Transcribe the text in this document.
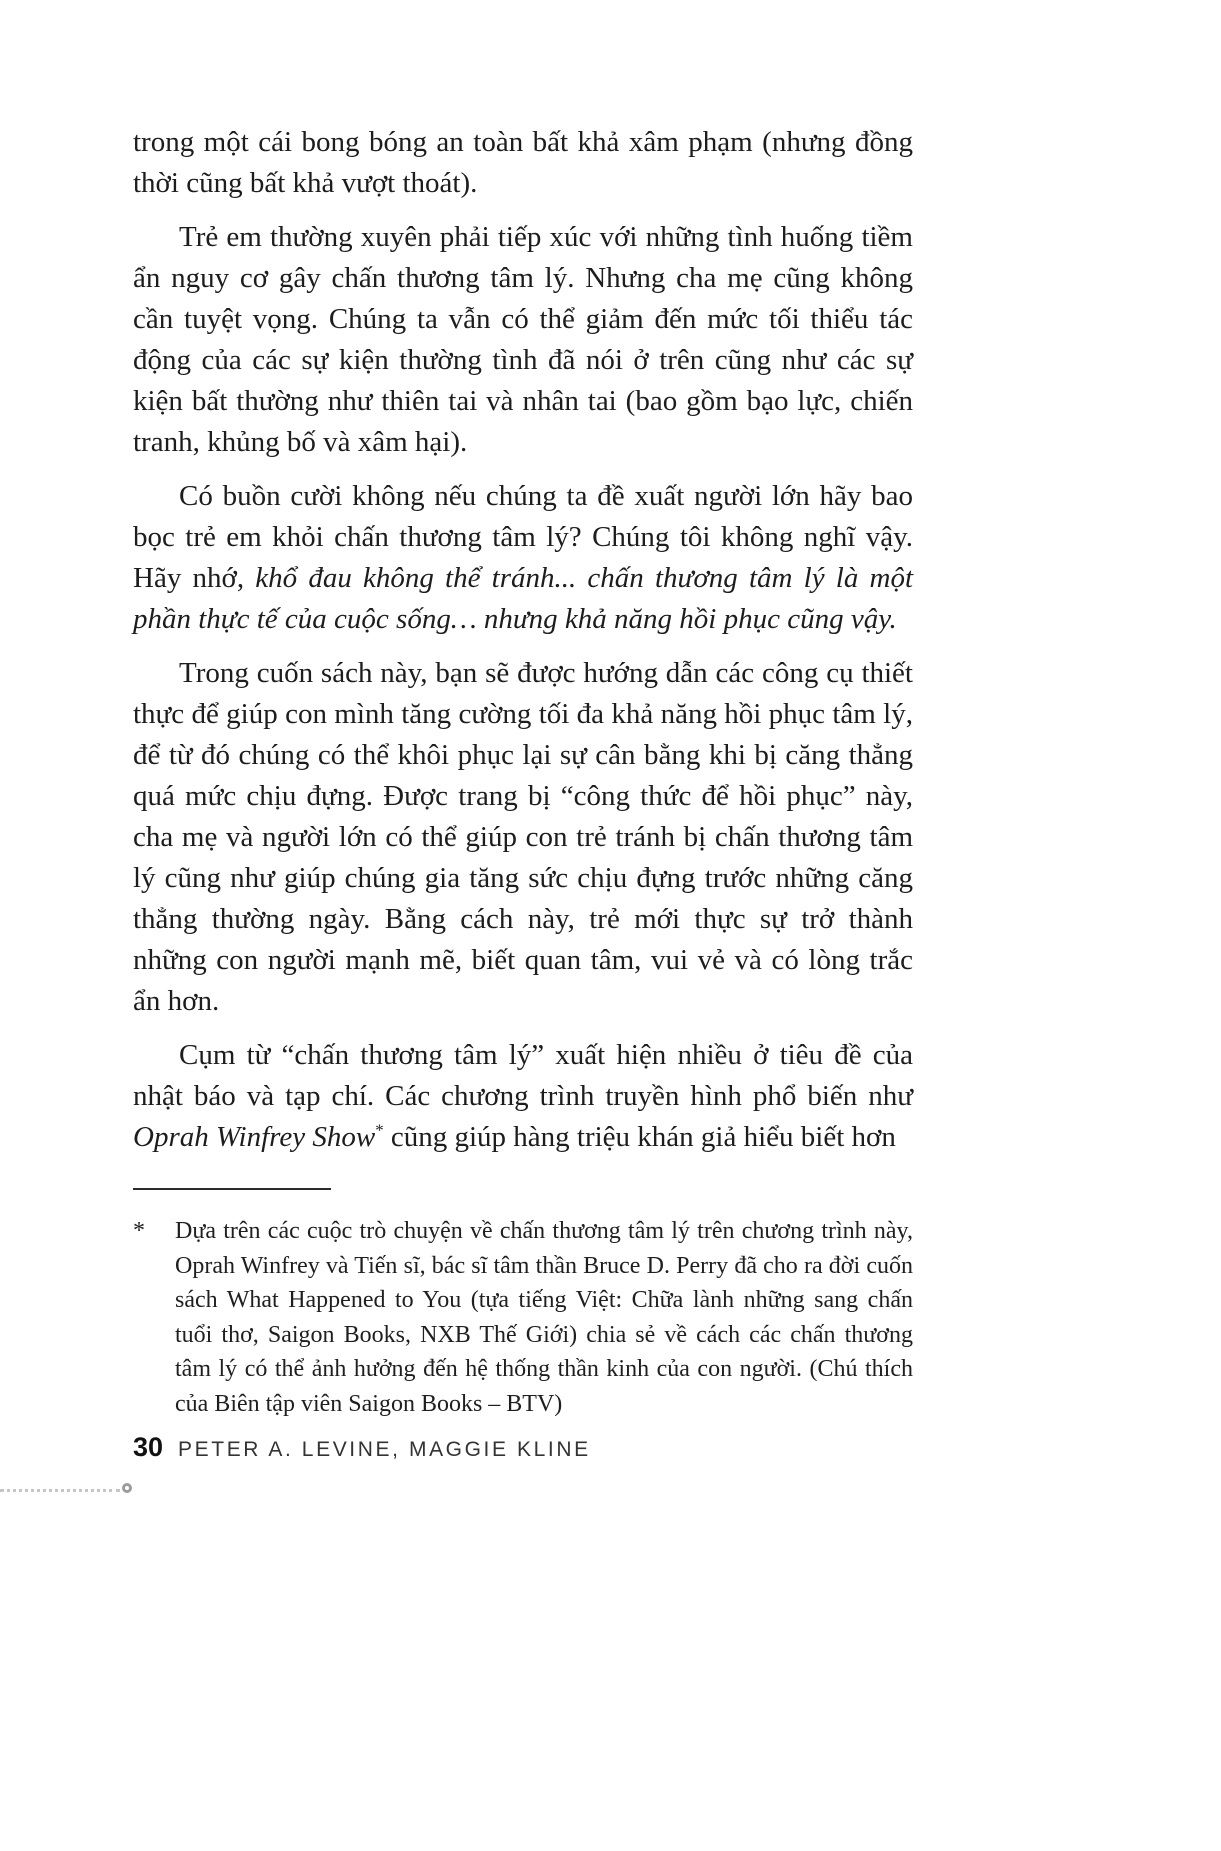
trong một cái bong bóng an toàn bất khả xâm phạm (nhưng đồng thời cũng bất khả vượt thoát).

Trẻ em thường xuyên phải tiếp xúc với những tình huống tiềm ẩn nguy cơ gây chấn thương tâm lý. Nhưng cha mẹ cũng không cần tuyệt vọng. Chúng ta vẫn có thể giảm đến mức tối thiểu tác động của các sự kiện thường tình đã nói ở trên cũng như các sự kiện bất thường như thiên tai và nhân tai (bao gồm bạo lực, chiến tranh, khủng bố và xâm hại).

Có buồn cười không nếu chúng ta đề xuất người lớn hãy bao bọc trẻ em khỏi chấn thương tâm lý? Chúng tôi không nghĩ vậy. Hãy nhớ, khổ đau không thể tránh... chấn thương tâm lý là một phần thực tế của cuộc sống… nhưng khả năng hồi phục cũng vậy.

Trong cuốn sách này, bạn sẽ được hướng dẫn các công cụ thiết thực để giúp con mình tăng cường tối đa khả năng hồi phục tâm lý, để từ đó chúng có thể khôi phục lại sự cân bằng khi bị căng thẳng quá mức chịu đựng. Được trang bị “công thức để hồi phục” này, cha mẹ và người lớn có thể giúp con trẻ tránh bị chấn thương tâm lý cũng như giúp chúng gia tăng sức chịu đựng trước những căng thẳng thường ngày. Bằng cách này, trẻ mới thực sự trở thành những con người mạnh mẽ, biết quan tâm, vui vẻ và có lòng trắc ẩn hơn.

Cụm từ “chấn thương tâm lý” xuất hiện nhiều ở tiêu đề của nhật báo và tạp chí. Các chương trình truyền hình phổ biến như Oprah Winfrey Show* cũng giúp hàng triệu khán giả hiểu biết hơn

*	Dựa trên các cuộc trò chuyện về chấn thương tâm lý trên chương trình này, Oprah Winfrey và Tiến sĩ, bác sĩ tâm thần Bruce D. Perry đã cho ra đời cuốn sách What Happened to You (tựa tiếng Việt: Chữa lành những sang chấn tuổi thơ, Saigon Books, NXB Thế Giới) chia sẻ về cách các chấn thương tâm lý có thể ảnh hưởng đến hệ thống thần kinh của con người. (Chú thích của Biên tập viên Saigon Books – BTV)
30 PETER A. LEVINE, MAGGIE KLINE
